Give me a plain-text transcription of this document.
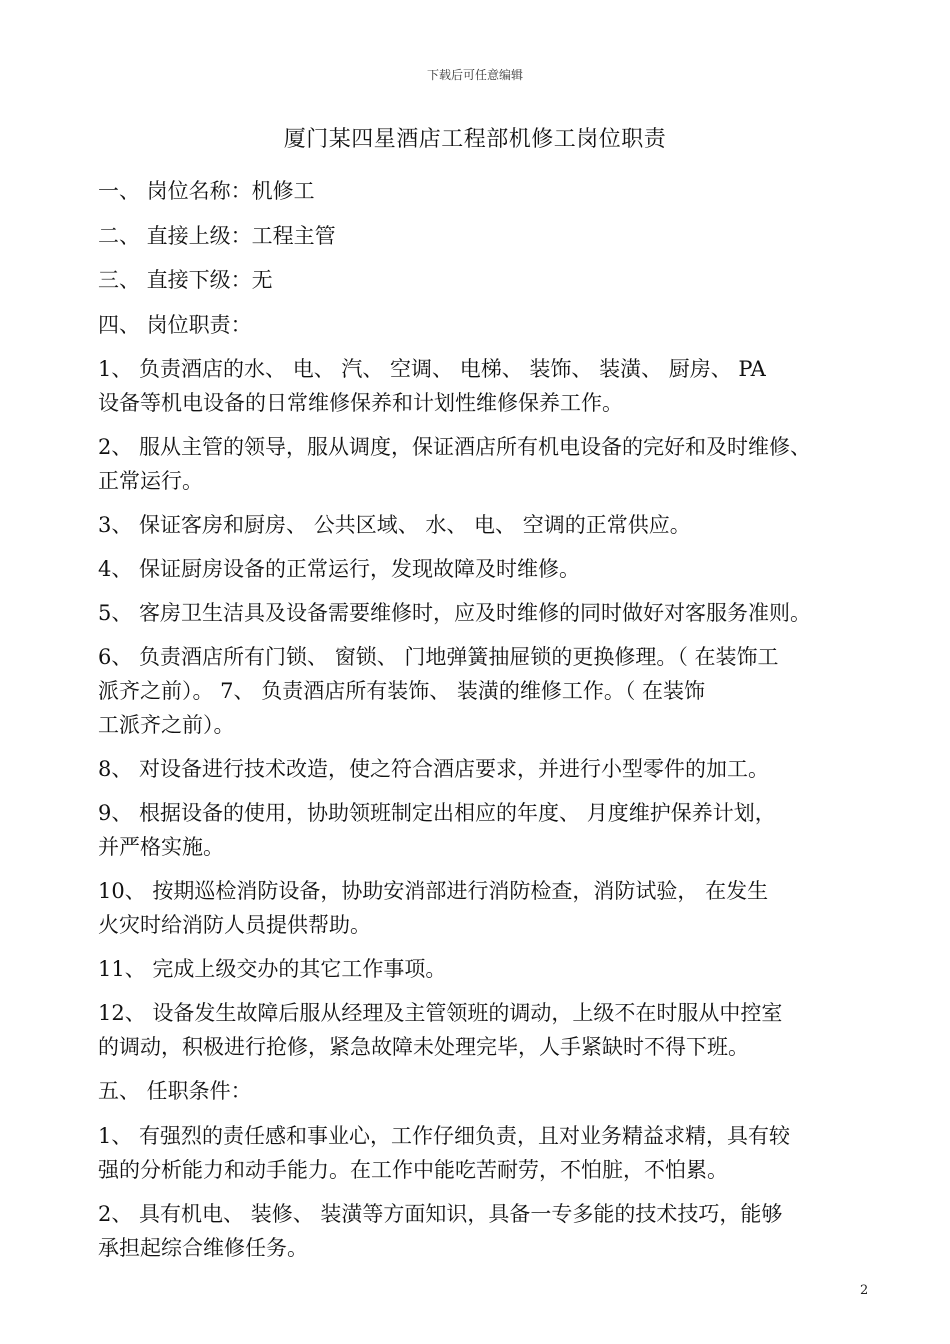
下载后可任意编辑
厦门某四星酒店工程部机修工岗位职责
一、 岗位名称：机修工
二、 直接上级：工程主管
三、 直接下级：无
四、 岗位职责：
1、 负责酒店的水、 电、 汽、 空调、 电梯、 装饰、 装潢、 厨房、 PA
设备等机电设备的日常维修保养和计划性维修保养工作。
2、 服从主管的领导，服从调度，保证酒店所有机电设备的完好和及时维修、
正常运行。
3、 保证客房和厨房、 公共区域、 水、 电、 空调的正常供应。
4、 保证厨房设备的正常运行，发现故障及时维修。
5、 客房卫生洁具及设备需要维修时，应及时维修的同时做好对客服务准则。
6、 负责酒店所有门锁、 窗锁、 门地弹簧抽屉锁的更换修理。（ 在装饰工
派齐之前）。 7、 负责酒店所有装饰、 装潢的维修工作。（ 在装饰
工派齐之前）。
8、 对设备进行技术改造，使之符合酒店要求，并进行小型零件的加工。
9、 根据设备的使用，协助领班制定出相应的年度、 月度维护保养计划，
并严格实施。
10、 按期巡检消防设备，协助安消部进行消防检查，消防试验， 在发生
火灾时给消防人员提供帮助。
11、 完成上级交办的其它工作事项。
12、 设备发生故障后服从经理及主管领班的调动，上级不在时服从中控室
的调动，积极进行抢修，紧急故障未处理完毕，人手紧缺时不得下班。
五、 任职条件：
1、 有强烈的责任感和事业心，工作仔细负责，且对业务精益求精，具有较
强的分析能力和动手能力。在工作中能吃苦耐劳，不怕脏，不怕累。
2、 具有机电、 装修、 装潢等方面知识，具备一专多能的技术技巧，能够
承担起综合维修任务。
2
